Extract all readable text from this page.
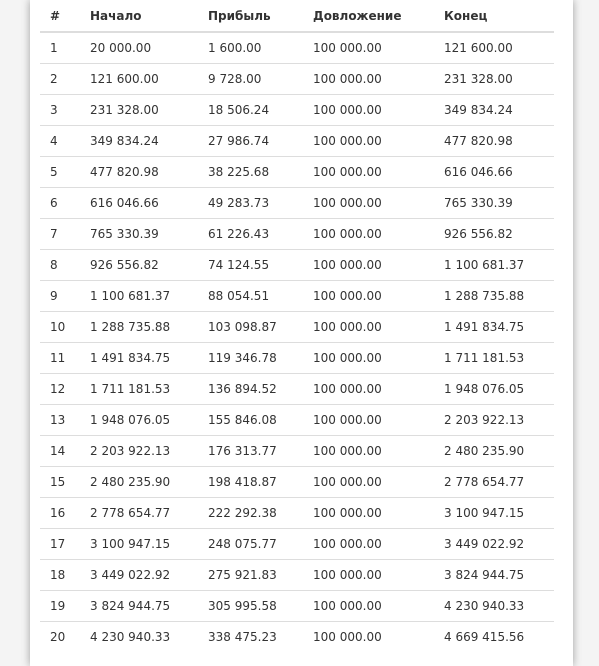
#	Начало	Прибыль	Довложение	Конец
1	20 000.00	1 600.00	100 000.00	121 600.00
2	121 600.00	9 728.00	100 000.00	231 328.00
3	231 328.00	18 506.24	100 000.00	349 834.24
4	349 834.24	27 986.74	100 000.00	477 820.98
5	477 820.98	38 225.68	100 000.00	616 046.66
6	616 046.66	49 283.73	100 000.00	765 330.39
7	765 330.39	61 226.43	100 000.00	926 556.82
8	926 556.82	74 124.55	100 000.00	1 100 681.37
9	1 100 681.37	88 054.51	100 000.00	1 288 735.88
10	1 288 735.88	103 098.87	100 000.00	1 491 834.75
11	1 491 834.75	119 346.78	100 000.00	1 711 181.53
12	1 711 181.53	136 894.52	100 000.00	1 948 076.05
13	1 948 076.05	155 846.08	100 000.00	2 203 922.13
14	2 203 922.13	176 313.77	100 000.00	2 480 235.90
15	2 480 235.90	198 418.87	100 000.00	2 778 654.77
16	2 778 654.77	222 292.38	100 000.00	3 100 947.15
17	3 100 947.15	248 075.77	100 000.00	3 449 022.92
18	3 449 022.92	275 921.83	100 000.00	3 824 944.75
19	3 824 944.75	305 995.58	100 000.00	4 230 940.33
20	4 230 940.33	338 475.23	100 000.00	4 669 415.56
